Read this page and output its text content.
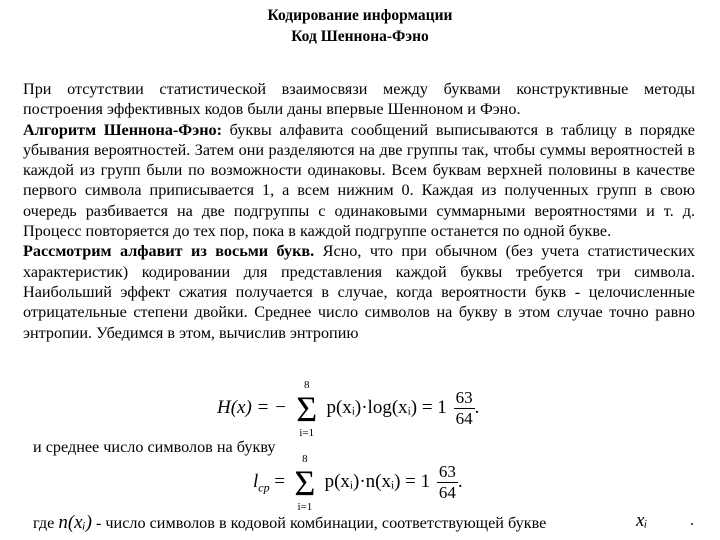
Кодирование информации
Код Шеннона-Фэно

При отсутствии статистической взаимосвязи между буквами конструктивные методы построения эффективных кодов были даны впервые Шенноном и Фэно.

Алгоритм Шеннона-Фэно: буквы алфавита сообщений выписываются в таблицу в порядке убывания вероятностей. Затем они разделяются на две группы так, чтобы суммы вероятностей в каждой из групп были по возможности одинаковы. Всем буквам верхней половины в качестве первого символа приписывается 1, а всем нижним 0. Каждая из полученных групп в свою очередь разбивается на две подгруппы с одинаковыми суммарными вероятностями и т. д. Процесс повторяется до тех пор, пока в каждой подгруппе останется по одной букве.

Рассмотрим алфавит из восьми букв. Ясно, что при обычном (без учета статистических характеристик) кодировании для представления каждой буквы требуется три символа. Наибольший эффект сжатия получается в случае, когда вероятности букв - целочисленные отрицательные степени двойки. Среднее число символов на букву в этом случае точно равно энтропии. Убедимся в этом, вычислив энтропию

H(x) = −
8
Σ
i=1
p(xᵢ)·log(xᵢ) = $1 \frac{63}{64}$ .
и среднее число символов на букву
$l_{ср}$ =
8
Σ
i=1
p(xᵢ)·n(xᵢ) = $1 \frac{63}{64}$ .
где n(xᵢ) - число символов в кодовой комбинации, соответствующей букве	xᵢ	.
